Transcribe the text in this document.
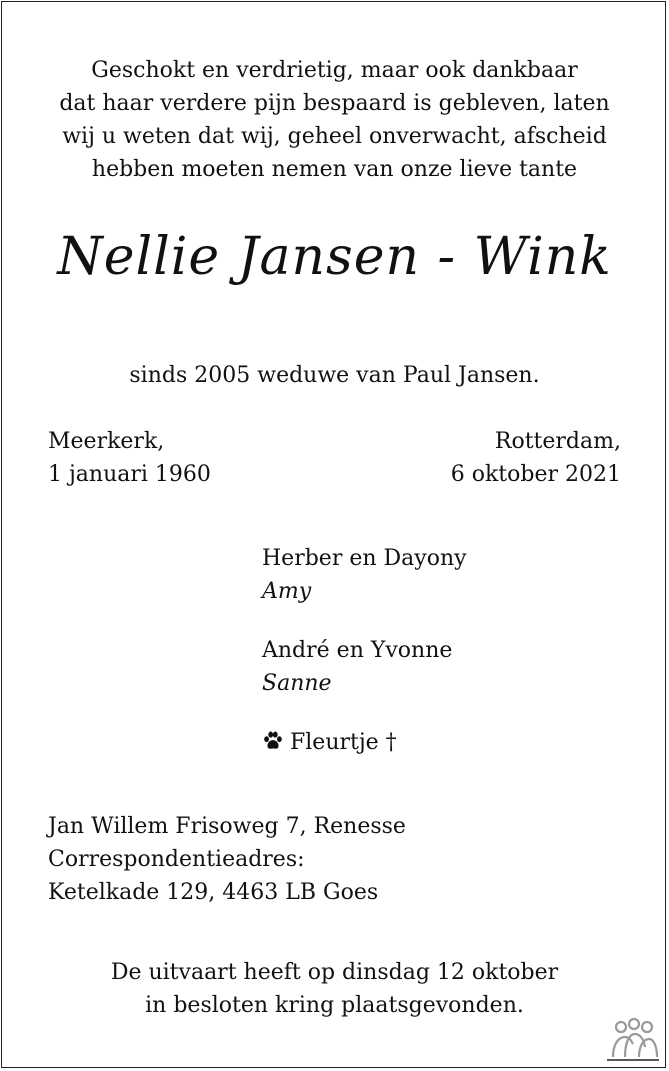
Geschokt en verdrietig, maar ook dankbaar
dat haar verdere pijn bespaard is gebleven, laten
wij u weten dat wij, geheel onverwacht, afscheid
hebben moeten nemen van onze lieve tante
Nellie Jansen - Wink
sinds 2005 weduwe van Paul Jansen.
Meerkerk,
1 januari 1960
Rotterdam,
6 oktober 2021
Herber en Dayony
Amy
André en Yvonne
Sanne
Fleurtje †
Jan Willem Frisoweg 7, Renesse
Correspondentieadres:
Ketelkade 129, 4463 LB Goes
De uitvaart heeft op dinsdag 12 oktober
in besloten kring plaatsgevonden.
